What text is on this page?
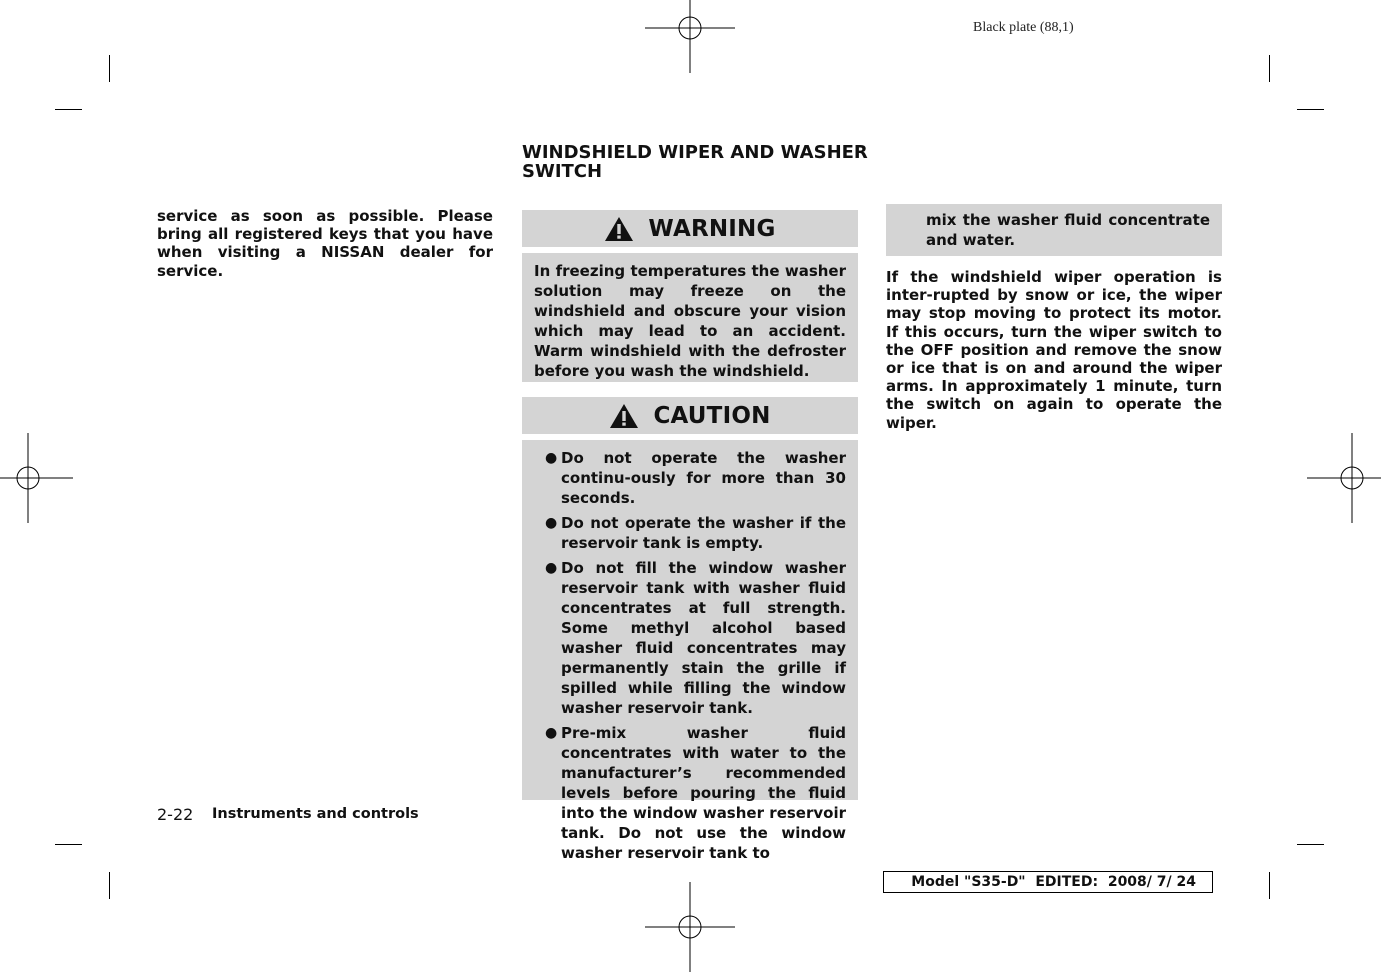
Black plate (88,1)

service as soon as possible. Please bring all registered keys that you have when visiting a NISSAN dealer for service.

WINDSHIELD WIPER AND WASHER SWITCH
WARNING

In freezing temperatures the washer solution may freeze on the windshield and obscure your vision which may lead to an accident. Warm windshield with the defroster before you wash the windshield.

CAUTION
● Do not operate the washer continu-ously for more than 30 seconds.
● Do not operate the washer if the reservoir tank is empty.
● Do not fill the window washer reservoir tank with washer fluid concentrates at full strength. Some methyl alcohol based washer fluid concentrates may permanently stain the grille if spilled while filling the window washer reservoir tank.
● Pre-mix washer fluid concentrates with water to the manufacturer’s recommended levels before pouring the fluid into the window washer reservoir tank. Do not use the window washer reservoir tank to

mix the washer fluid concentrate and water.

If the windshield wiper operation is inter-rupted by snow or ice, the wiper may stop moving to protect its motor. If this occurs, turn the wiper switch to the OFF position and remove the snow or ice that is on and around the wiper arms. In approximately 1 minute, turn the switch on again to operate the wiper.

2-22 Instruments and controls
Model "S35-D"  EDITED:  2008/ 7/ 24
